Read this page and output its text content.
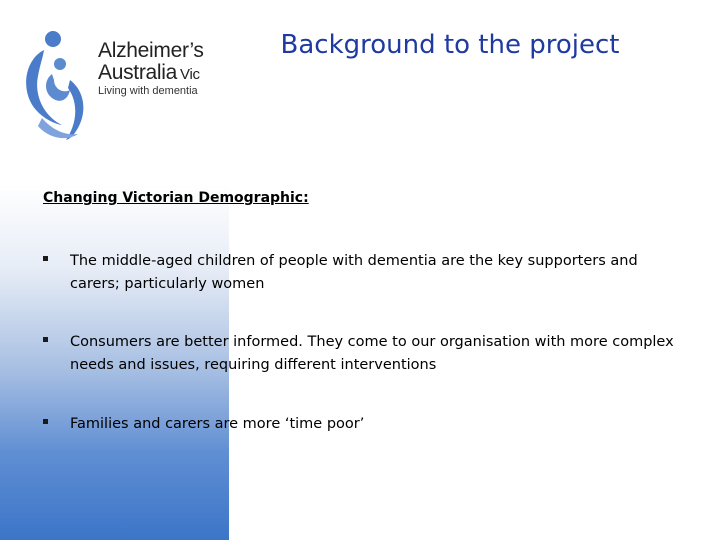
Alzheimer’s
Australia Vic
Living with dementia
Background to the project
Changing Victorian Demographic:
The middle-aged children of people with dementia are the key supporters and carers; particularly women
Consumers are better informed. They come to our organisation with more complex needs and issues, requiring different interventions
Families and carers are more ‘time poor’
